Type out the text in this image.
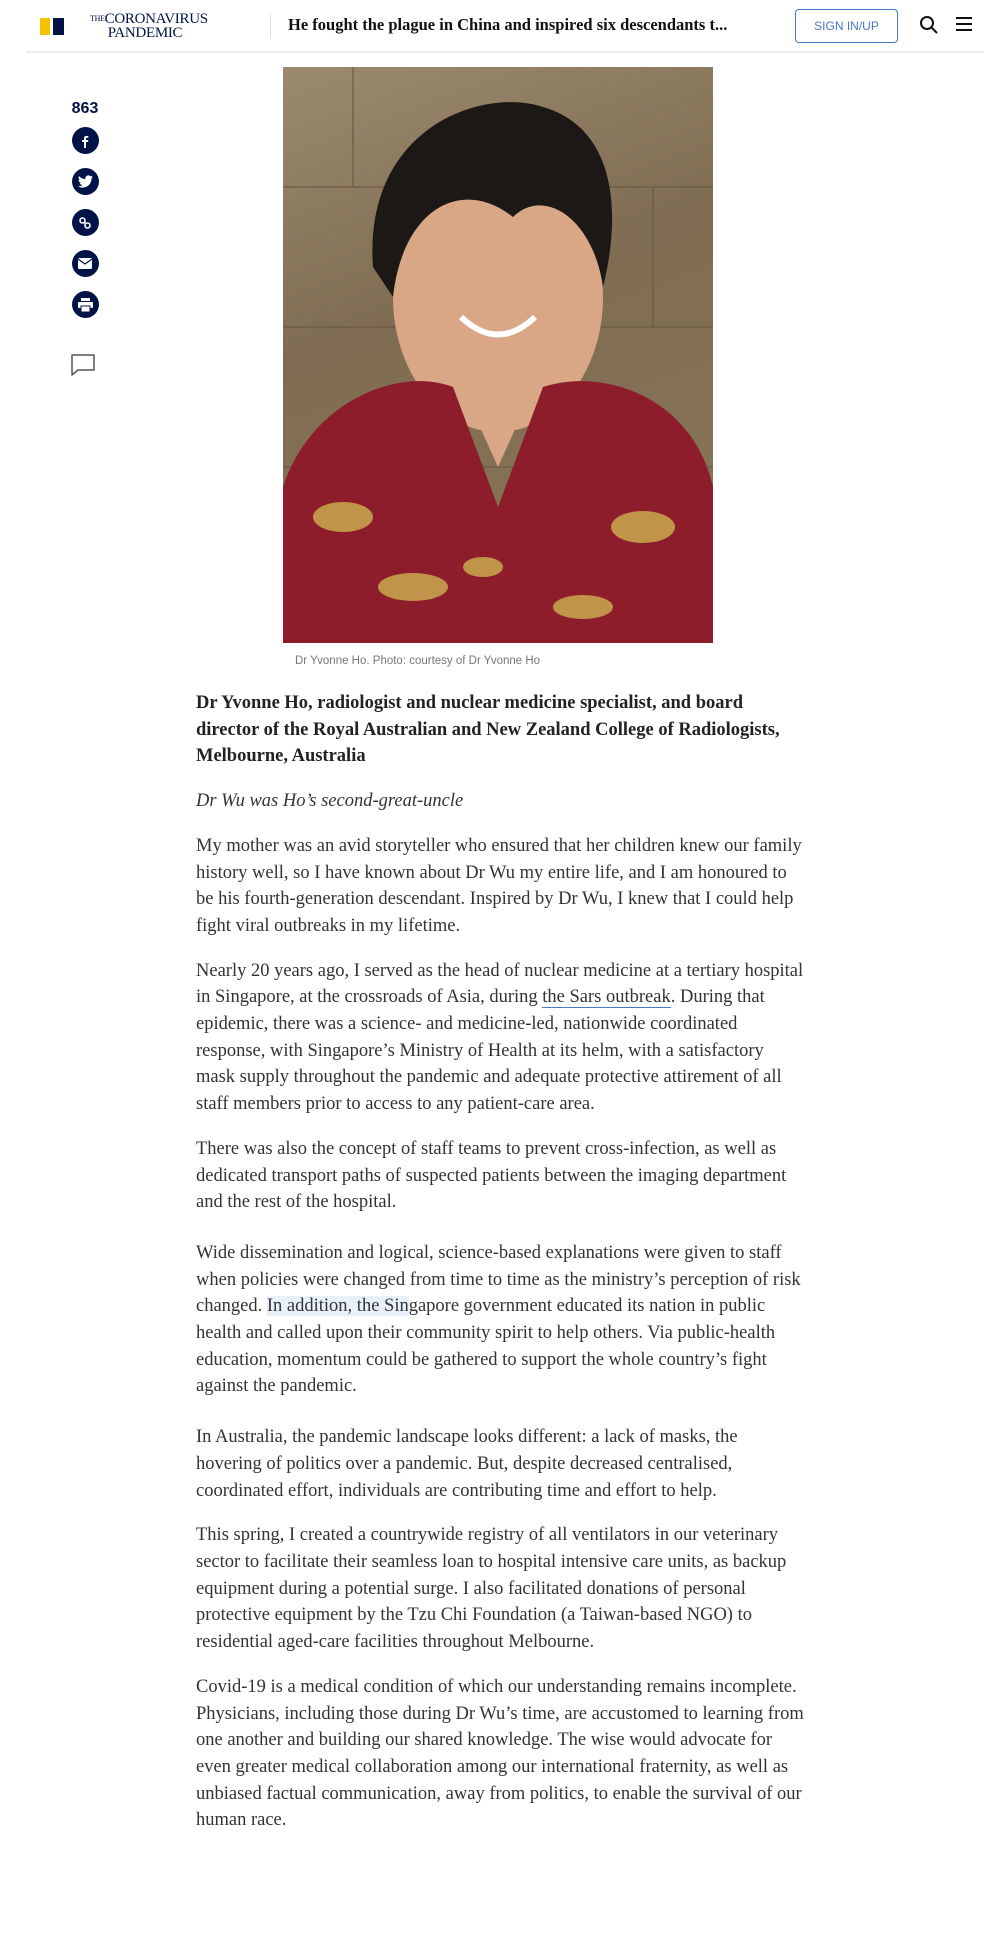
$^{THE}$CORONAVIRUS
PANDEMIC	He fought the plague in China and inspired six descendants t...	SIGN IN/UP
863
Dr Yvonne Ho. Photo: courtesy of Dr Yvonne Ho

Dr Yvonne Ho, radiologist and nuclear medicine specialist, and board director of the Royal Australian and New Zealand College of Radiologists, Melbourne, Australia

Dr Wu was Ho’s second-great-uncle

My mother was an avid storyteller who ensured that her children knew our family history well, so I have known about Dr Wu my entire life, and I am honoured to be his fourth-generation descendant. Inspired by Dr Wu, I knew that I could help fight viral outbreaks in my lifetime.

Nearly 20 years ago, I served as the head of nuclear medicine at a tertiary hospital in Singapore, at the crossroads of Asia, during the Sars outbreak. During that epidemic, there was a science- and medicine-led, nationwide coordinated response, with Singapore’s Ministry of Health at its helm, with a satisfactory mask supply throughout the pandemic and adequate protective attirement of all staff members prior to access to any patient-care area.

There was also the concept of staff teams to prevent cross-infection, as well as dedicated transport paths of suspected patients between the imaging department and the rest of the hospital.

Wide dissemination and logical, science-based explanations were given to staff when policies were changed from time to time as the ministry’s perception of risk changed. In addition, the Singapore government educated its nation in public health and called upon their community spirit to help others. Via public-health education, momentum could be gathered to support the whole country’s fight against the pandemic.

In Australia, the pandemic landscape looks different: a lack of masks, the hovering of politics over a pandemic. But, despite decreased centralised, coordinated effort, individuals are contributing time and effort to help.

This spring, I created a countrywide registry of all ventilators in our veterinary sector to facilitate their seamless loan to hospital intensive care units, as backup equipment during a potential surge. I also facilitated donations of personal protective equipment by the Tzu Chi Foundation (a Taiwan-based NGO) to residential aged-care facilities throughout Melbourne.

Covid-19 is a medical condition of which our understanding remains incomplete. Physicians, including those during Dr Wu’s time, are accustomed to learning from one another and building our shared knowledge. The wise would advocate for even greater medical collaboration among our international fraternity, as well as unbiased factual communication, away from politics, to enable the survival of our human race.
